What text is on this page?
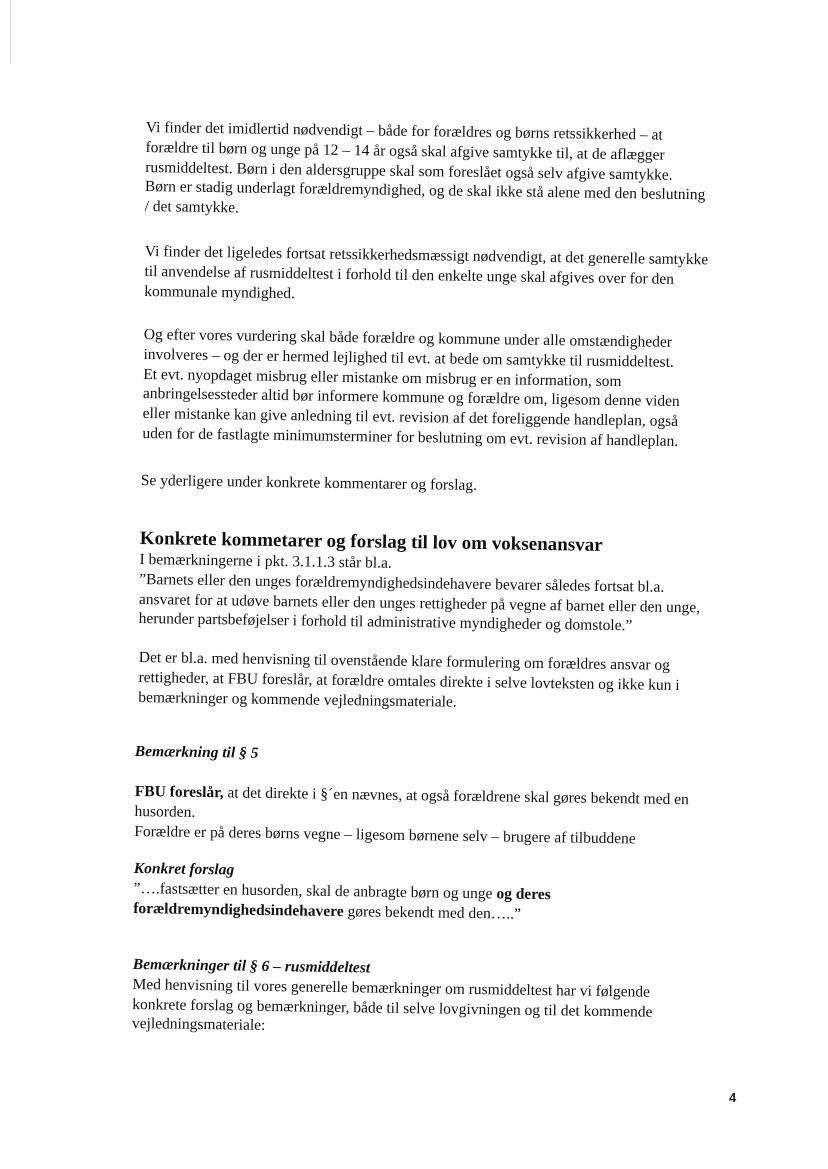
Vi finder det imidlertid nødvendigt – både for forældres og børns retssikkerhed – at
forældre til børn og unge på 12 – 14 år også skal afgive samtykke til, at de aflægger
rusmiddeltest. Børn i den aldersgruppe skal som foreslået også selv afgive samtykke.
Børn er stadig underlagt forældremyndighed, og de skal ikke stå alene med den beslutning
/ det samtykke.
Vi finder det ligeledes fortsat retssikkerhedsmæssigt nødvendigt, at det generelle samtykke
til anvendelse af rusmiddeltest i forhold til den enkelte unge skal afgives over for den
kommunale myndighed.
Og efter vores vurdering skal både forældre og kommune under alle omstændigheder
involveres – og der er hermed lejlighed til evt. at bede om samtykke til rusmiddeltest.
Et evt. nyopdaget misbrug eller mistanke om misbrug er en information, som
anbringelsessteder altid bør informere kommune og forældre om, ligesom denne viden
eller mistanke kan give anledning til evt. revision af det foreliggende handleplan, også
uden for de fastlagte minimumsterminer for beslutning om evt. revision af handleplan.
Se yderligere under konkrete kommentarer og forslag.
Konkrete kommetarer og forslag til lov om voksenansvar
I bemærkningerne i pkt. 3.1.1.3 står bl.a.
”Barnets eller den unges forældremyndighedsindehavere bevarer således fortsat bl.a.
ansvaret for at udøve barnets eller den unges rettigheder på vegne af barnet eller den unge,
herunder partsbeføjelser i forhold til administrative myndigheder og domstole.”
Det er bl.a. med henvisning til ovenstående klare formulering om forældres ansvar og
rettigheder, at FBU foreslår, at forældre omtales direkte i selve lovteksten og ikke kun i
bemærkninger og kommende vejledningsmateriale.
Bemærkning til § 5
FBU foreslår, at det direkte i §´en nævnes, at også forældrene skal gøres bekendt med en
husorden.
Forældre er på deres børns vegne – ligesom børnene selv – brugere af tilbuddene
Konkret forslag
”….fastsætter en husorden, skal de anbragte børn og unge og deres
forældremyndighedsindehavere gøres bekendt med den…..”
Bemærkninger til § 6 – rusmiddeltest
Med henvisning til vores generelle bemærkninger om rusmiddeltest har vi følgende
konkrete forslag og bemærkninger, både til selve lovgivningen og til det kommende
vejledningsmateriale:
4
